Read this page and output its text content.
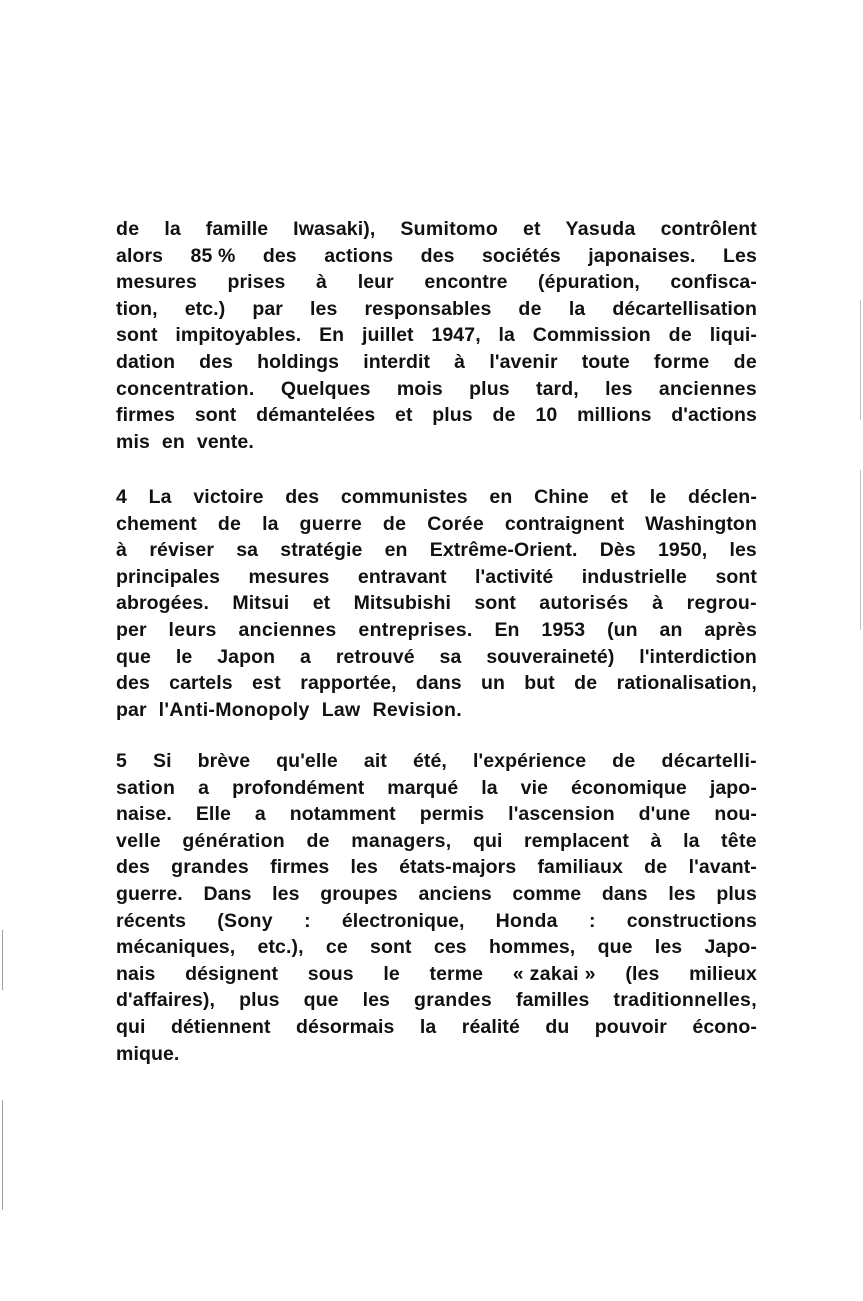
de la famille Iwasaki), Sumitomo et Yasuda contrôlent
alors 85 % des actions des sociétés japonaises. Les
mesures prises à leur encontre (épuration, confisca-
tion, etc.) par les responsables de la décartellisation
sont impitoyables. En juillet 1947, la Commission de liqui-
dation des holdings interdit à l'avenir toute forme de
concentration. Quelques mois plus tard, les anciennes
firmes sont démantelées et plus de 10 millions d'actions
mis en vente.
4 La victoire des communistes en Chine et le déclen-
chement de la guerre de Corée contraignent Washington
à réviser sa stratégie en Extrême-Orient. Dès 1950, les
principales mesures entravant l'activité industrielle sont
abrogées. Mitsui et Mitsubishi sont autorisés à regrou-
per leurs anciennes entreprises. En 1953 (un an après
que le Japon a retrouvé sa souveraineté) l'interdiction
des cartels est rapportée, dans un but de rationalisation,
par l'Anti-Monopoly Law Revision.
5 Si brève qu'elle ait été, l'expérience de décartelli-
sation a profondément marqué la vie économique japo-
naise. Elle a notamment permis l'ascension d'une nou-
velle génération de managers, qui remplacent à la tête
des grandes firmes les états-majors familiaux de l'avant-
guerre. Dans les groupes anciens comme dans les plus
récents (Sony : électronique, Honda : constructions
mécaniques, etc.), ce sont ces hommes, que les Japo-
nais désignent sous le terme « zakai » (les milieux
d'affaires), plus que les grandes familles traditionnelles,
qui détiennent désormais la réalité du pouvoir écono-
mique.
